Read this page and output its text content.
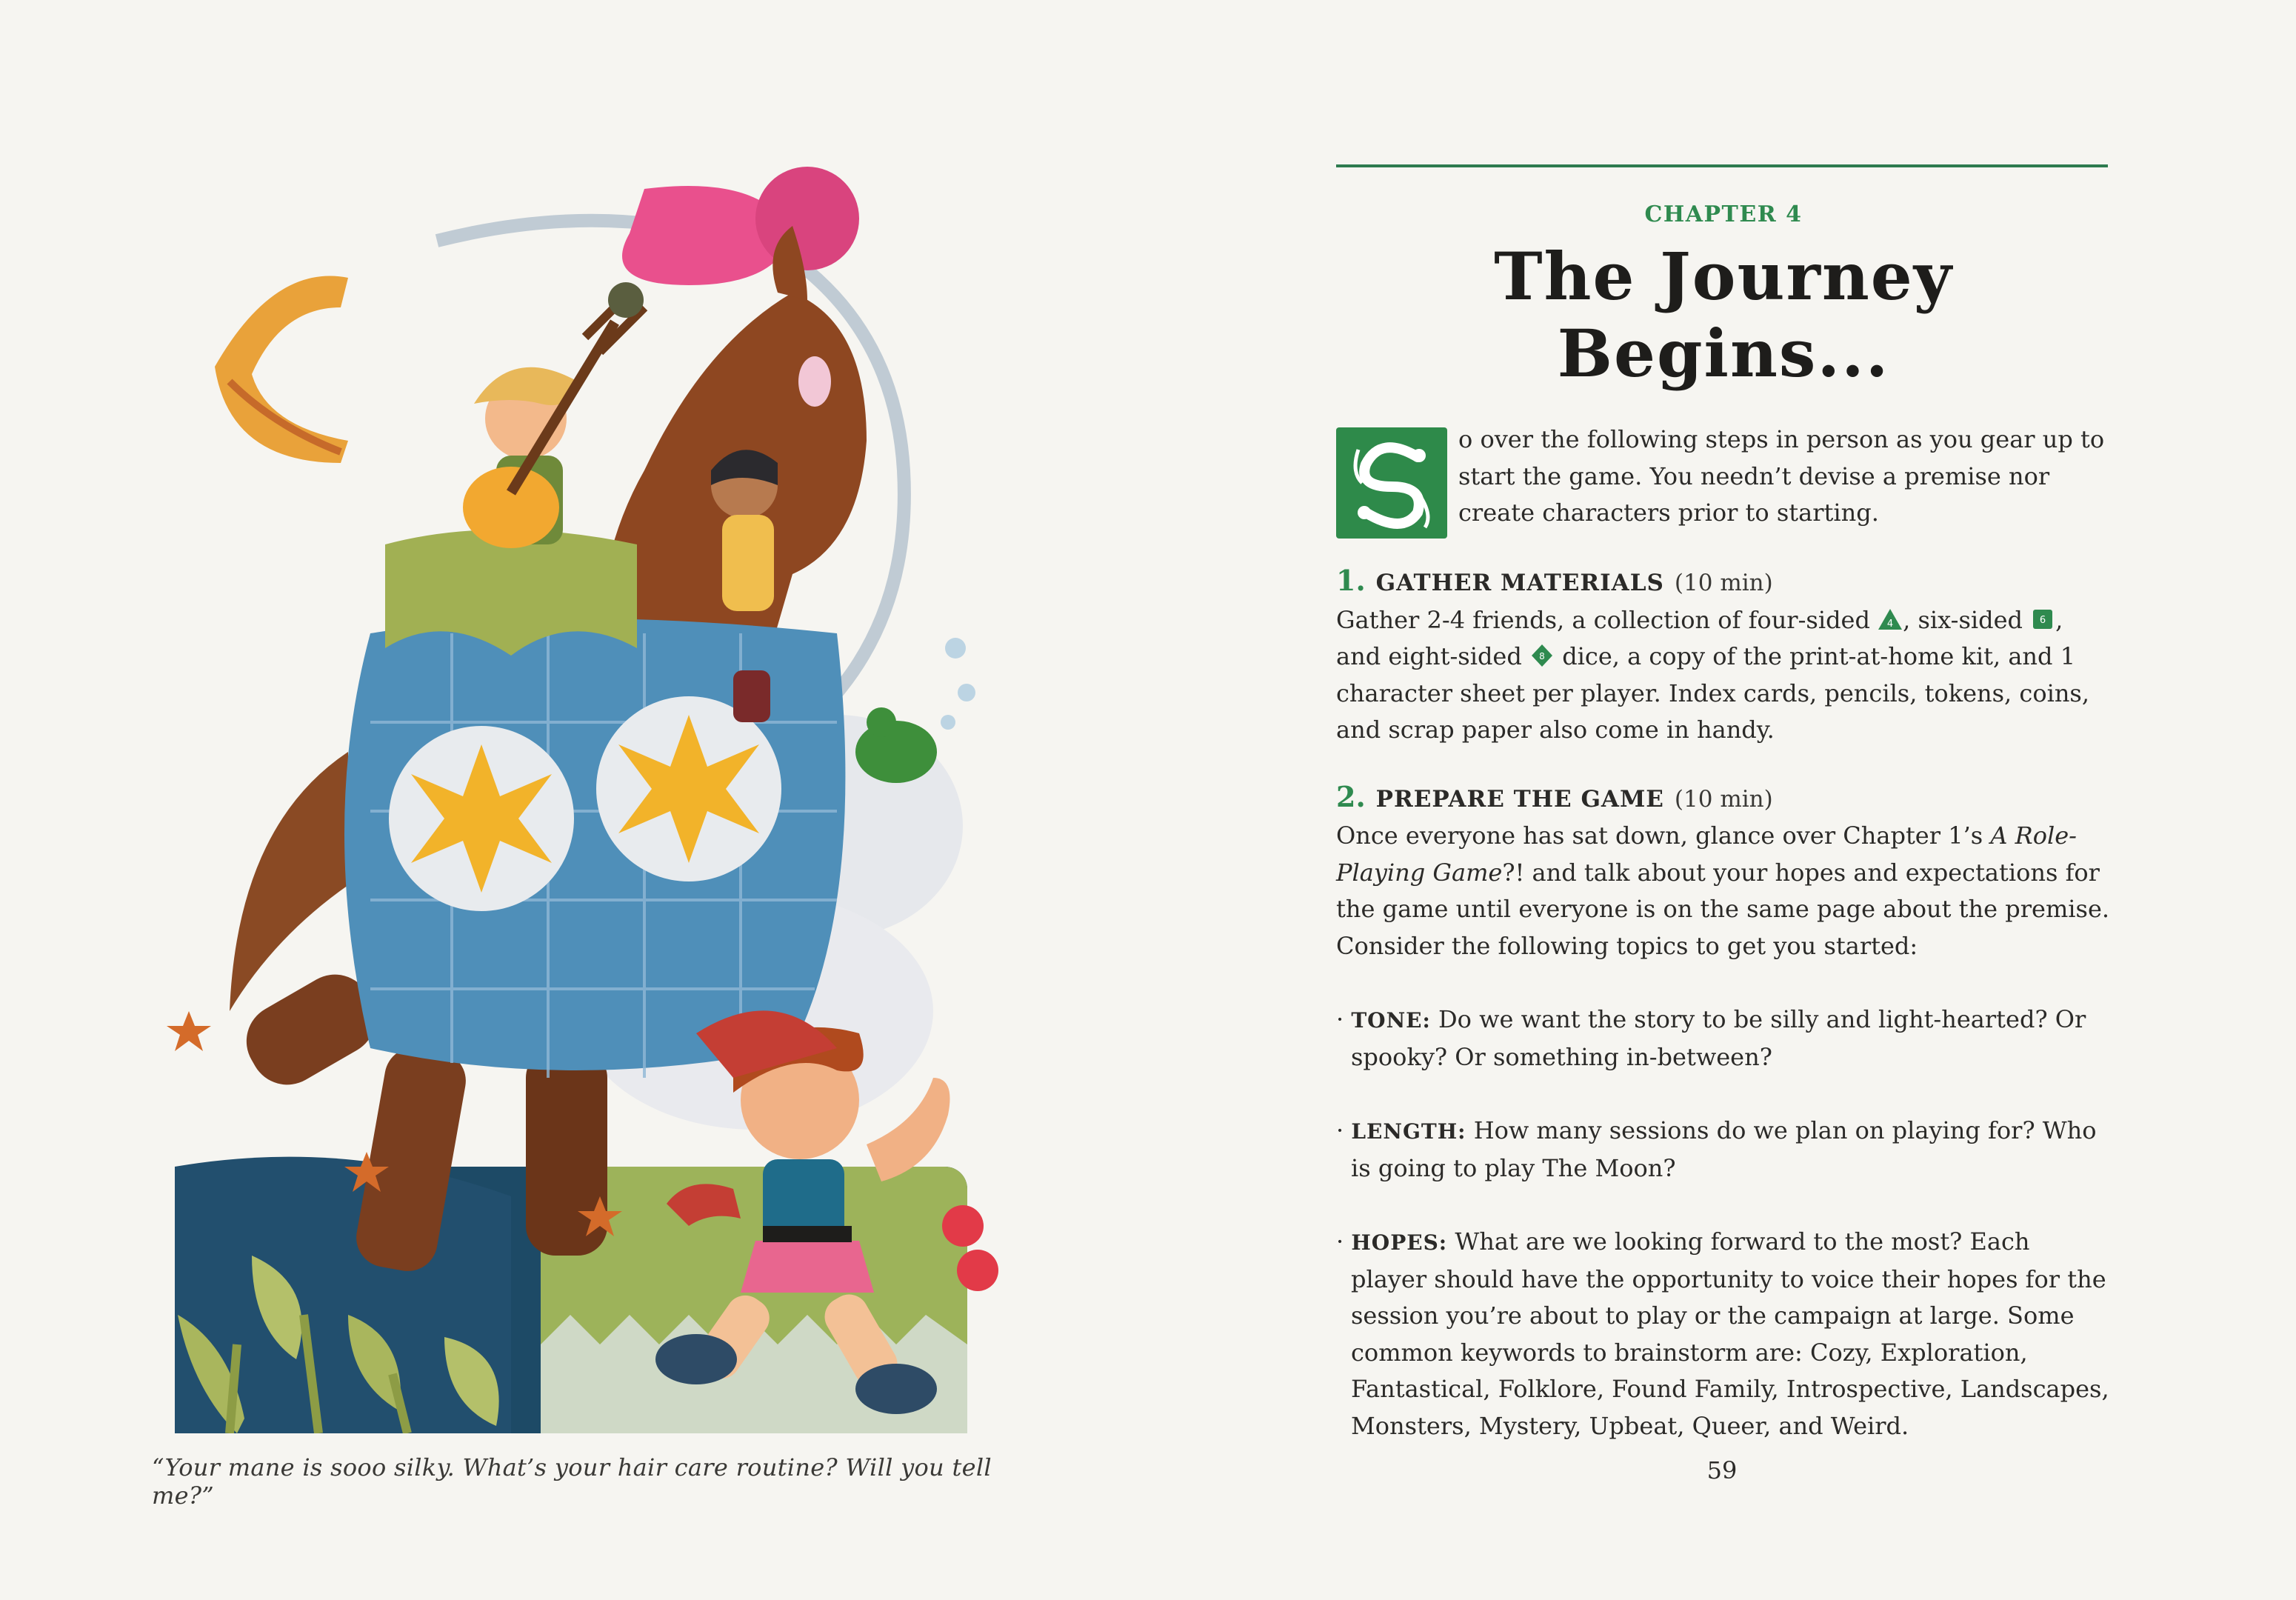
“Your mane is sooo silky. What’s your hair care routine? Will you tell me?”
59
CHAPTER 4
The Journey Begins...
o over the following steps in person as you gear up to start the game. You needn’t devise a premise nor create characters prior to starting.
1. GATHER MATERIALS (10 min)
Gather 2-4 friends, a collection of four-sided 4 , six-sided 6 , and eight-sided 8 dice, a copy of the print-at-home kit, and 1 character sheet per player. Index cards, pencils, tokens, coins, and scrap paper also come in handy.
2. PREPARE THE GAME (10 min)
Once everyone has sat down, glance over Chapter 1’s A Role-Playing Game?! and talk about your hopes and expectations for the game until everyone is on the same page about the premise. Consider the following topics to get you started:
· TONE: Do we want the story to be silly and light-hearted? Or spooky? Or something in-between?
· LENGTH: How many sessions do we plan on playing for? Who is going to play The Moon?
· HOPES: What are we looking forward to the most? Each player should have the opportunity to voice their hopes for the session you’re about to play or the campaign at large. Some common keywords to brainstorm are: Cozy, Exploration, Fantastical, Folklore, Found Family, Introspective, Landscapes, Monsters, Mystery, Upbeat, Queer, and Weird.
